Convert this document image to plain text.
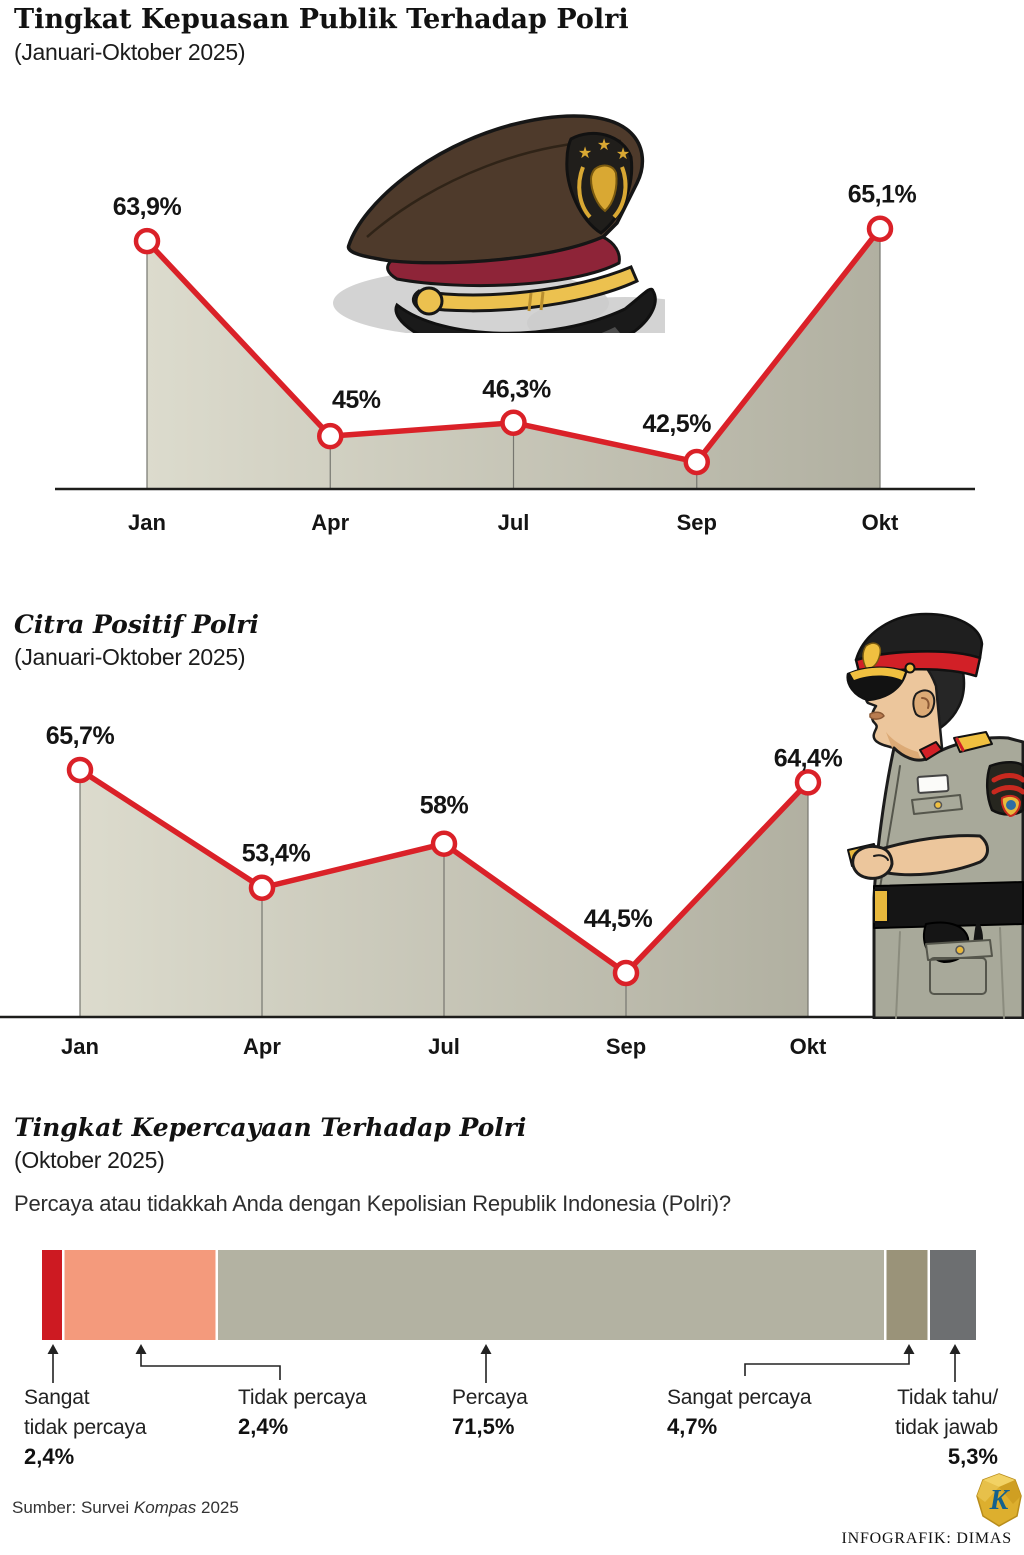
Tingkat Kepuasan Publik Terhadap Polri
(Januari-Oktober 2025)
Citra Positif Polri
(Januari-Oktober 2025)
Tingkat Kepercayaan Terhadap Polri
(Oktober 2025)
Percaya atau tidakkah Anda dengan Kepolisian Republik Indonesia (Polri)?
63,9%
45%	46,3%
42,5%
65,1%
Jan	Apr	Jul	Sep	Okt
65,7%
53,4%
58%
44,5%
64,4%
Jan	Apr	Jul	Sep	Okt
Sangat
tidak percaya
2,4%
Tidak percaya
2,4%
Percaya
71,5%
Sangat percaya
4,7%
Tidak tahu/
tidak jawab
5,3%
★ ★ ★
Sumber: Survei Kompas 2025	K
INFOGRAFIK: DIMAS
